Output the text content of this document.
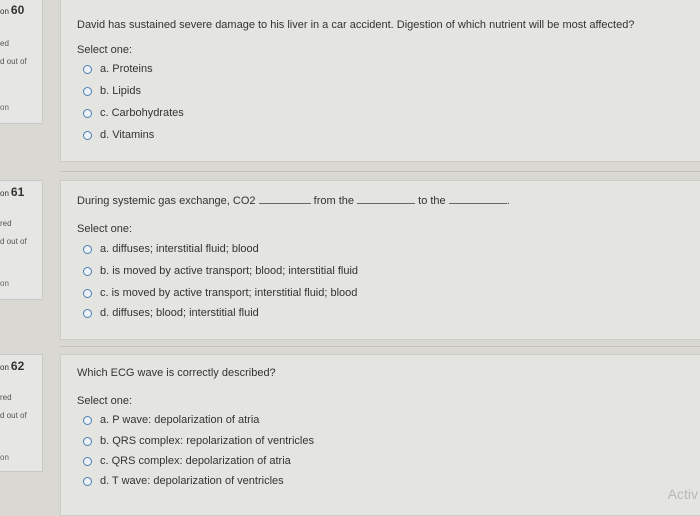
on 60
ed
d out of
on
David has sustained severe damage to his liver in a car accident. Digestion of which nutrient will be most affected?
Select one:
a. Proteins
b. Lipids
c. Carbohydrates
d. Vitamins
on 61
red
d out of
on
During systemic gas exchange, CO2	from the	to the	.
Select one:
a. diffuses; interstitial fluid; blood
b. is moved by active transport; blood; interstitial fluid
c. is moved by active transport; interstitial fluid; blood
d. diffuses; blood; interstitial fluid
on 62
red
d out of
on
Which ECG wave is correctly described?
Select one:
a. P wave: depolarization of atria
b. QRS complex: repolarization of ventricles
c. QRS complex: depolarization of atria
d. T wave: depolarization of ventricles
Activ
